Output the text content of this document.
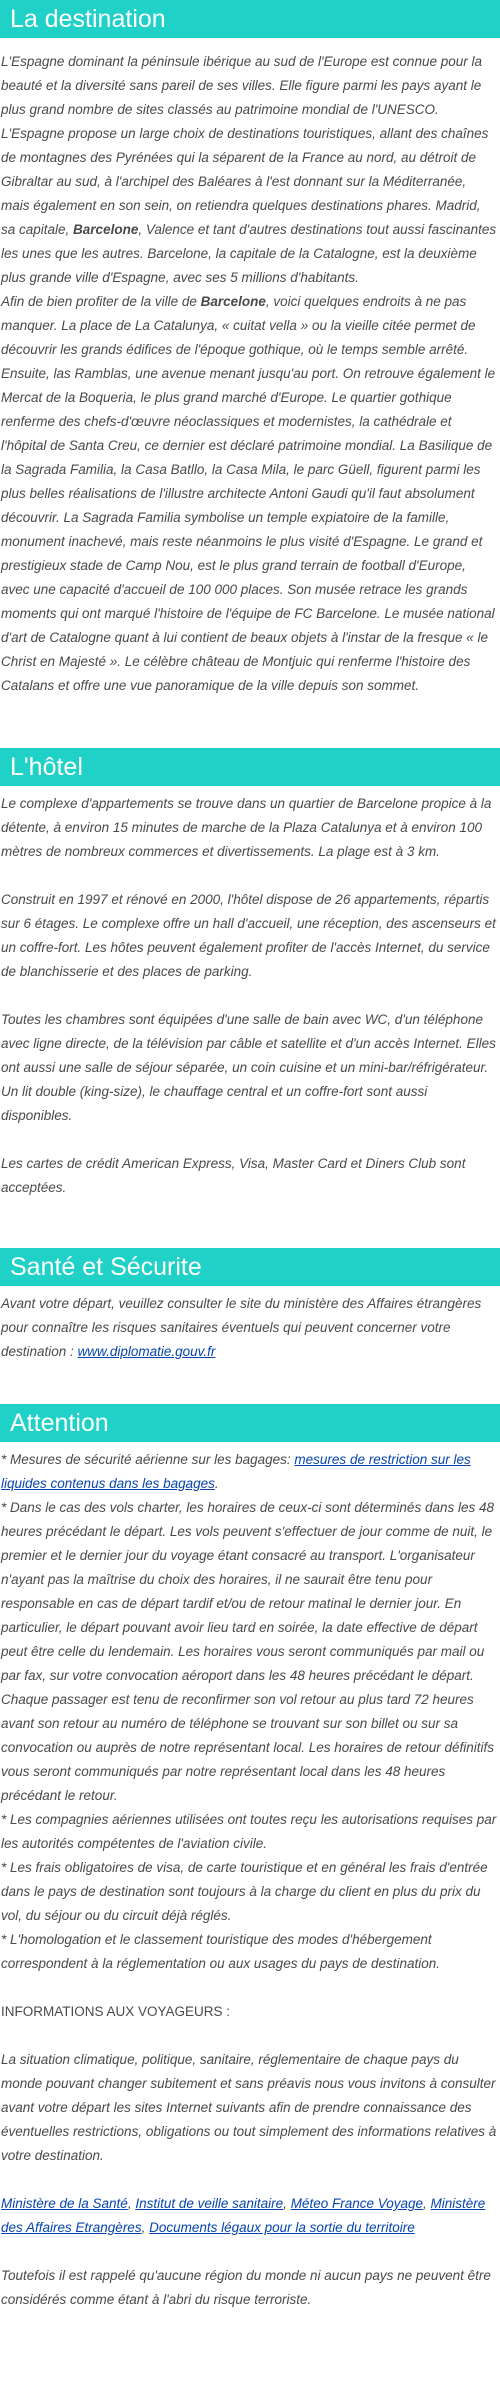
La destination

L'Espagne dominant la péninsule ibérique au sud de l'Europe est connue pour la beauté et la diversité sans pareil de ses villes. Elle figure parmi les pays ayant le plus grand nombre de sites classés au patrimoine mondial de l'UNESCO. L'Espagne propose un large choix de destinations touristiques, allant des chaînes de montagnes des Pyrénées qui la séparent de la France au nord, au détroit de Gibraltar au sud, à l'archipel des Baléares à l'est donnant sur la Méditerranée, mais également en son sein, on retiendra quelques destinations phares. Madrid, sa capitale, Barcelone, Valence et tant d'autres destinations tout aussi fascinantes les unes que les autres. Barcelone, la capitale de la Catalogne, est la deuxième plus grande ville d'Espagne, avec ses 5 millions d'habitants.

Afin de bien profiter de la ville de Barcelone, voici quelques endroits à ne pas manquer. La place de La Catalunya, « cuitat vella » ou la vieille citée permet de découvrir les grands édifices de l'époque gothique, où le temps semble arrêté. Ensuite, las Ramblas, une avenue menant jusqu'au port. On retrouve également le Mercat de la Boqueria, le plus grand marché d'Europe. Le quartier gothique renferme des chefs-d'œuvre néoclassiques et modernistes, la cathédrale et l'hôpital de Santa Creu, ce dernier est déclaré patrimoine mondial. La Basilique de la Sagrada Familia, la Casa Batllo, la Casa Mila, le parc Güell, figurent parmi les plus belles réalisations de l'illustre architecte Antoni Gaudi qu'il faut absolument découvrir. La Sagrada Familia symbolise un temple expiatoire de la famille, monument inachevé, mais reste néanmoins le plus visité d'Espagne. Le grand et prestigieux stade de Camp Nou, est le plus grand terrain de football d'Europe, avec une capacité d'accueil de 100 000 places. Son musée retrace les grands moments qui ont marqué l'histoire de l'équipe de FC Barcelone. Le musée national d'art de Catalogne quant à lui contient de beaux objets à l'instar de la fresque « le Christ en Majesté ». Le célèbre château de Montjuic qui renferme l'histoire des Catalans et offre une vue panoramique de la ville depuis son sommet.

L'hôtel

Le complexe d'appartements se trouve dans un quartier de Barcelone propice à la détente, à environ 15 minutes de marche de la Plaza Catalunya et à environ 100 mètres de nombreux commerces et divertissements. La plage est à 3 km.

Construit en 1997 et rénové en 2000, l'hôtel dispose de 26 appartements, répartis sur 6 étages. Le complexe offre un hall d'accueil, une réception, des ascenseurs et un coffre-fort. Les hôtes peuvent également profiter de l'accès Internet, du service de blanchisserie et des places de parking.

Toutes les chambres sont équipées d'une salle de bain avec WC, d'un téléphone avec ligne directe, de la télévision par câble et satellite et d'un accès Internet. Elles ont aussi une salle de séjour séparée, un coin cuisine et un mini-bar/réfrigérateur. Un lit double (king-size), le chauffage central et un coffre-fort sont aussi disponibles.

Les cartes de crédit American Express, Visa, Master Card et Diners Club sont acceptées.

Santé et Sécurite

Avant votre départ, veuillez consulter le site du ministère des Affaires étrangères pour connaître les risques sanitaires éventuels qui peuvent concerner votre destination : www.diplomatie.gouv.fr

Attention

* Mesures de sécurité aérienne sur les bagages: mesures de restriction sur les liquides contenus dans les bagages.

* Dans le cas des vols charter, les horaires de ceux-ci sont déterminés dans les 48 heures précédant le départ. Les vols peuvent s'effectuer de jour comme de nuit, le premier et le dernier jour du voyage étant consacré au transport. L'organisateur n'ayant pas la maîtrise du choix des horaires, il ne saurait être tenu pour responsable en cas de départ tardif et/ou de retour matinal le dernier jour. En particulier, le départ pouvant avoir lieu tard en soirée, la date effective de départ peut être celle du lendemain. Les horaires vous seront communiqués par mail ou par fax, sur votre convocation aéroport dans les 48 heures précédant le départ. Chaque passager est tenu de reconfirmer son vol retour au plus tard 72 heures avant son retour au numéro de téléphone se trouvant sur son billet ou sur sa convocation ou auprès de notre représentant local. Les horaires de retour définitifs vous seront communiqués par notre représentant local dans les 48 heures précédant le retour.

* Les compagnies aériennes utilisées ont toutes reçu les autorisations requises par les autorités compétentes de l'aviation civile.

* Les frais obligatoires de visa, de carte touristique et en général les frais d'entrée dans le pays de destination sont toujours à la charge du client en plus du prix du vol, du séjour ou du circuit déjà réglés.

* L'homologation et le classement touristique des modes d'hébergement correspondent à la réglementation ou aux usages du pays de destination.

INFORMATIONS AUX VOYAGEURS :

La situation climatique, politique, sanitaire, réglementaire de chaque pays du monde pouvant changer subitement et sans préavis nous vous invitons à consulter avant votre départ les sites Internet suivants afin de prendre connaissance des éventuelles restrictions, obligations ou tout simplement des informations relatives à votre destination.

Ministère de la Santé, Institut de veille sanitaire, Méteo France Voyage, Ministère des Affaires Etrangères, Documents légaux pour la sortie du territoire

Toutefois il est rappelé qu'aucune région du monde ni aucun pays ne peuvent être considérés comme étant à l'abri du risque terroriste.
